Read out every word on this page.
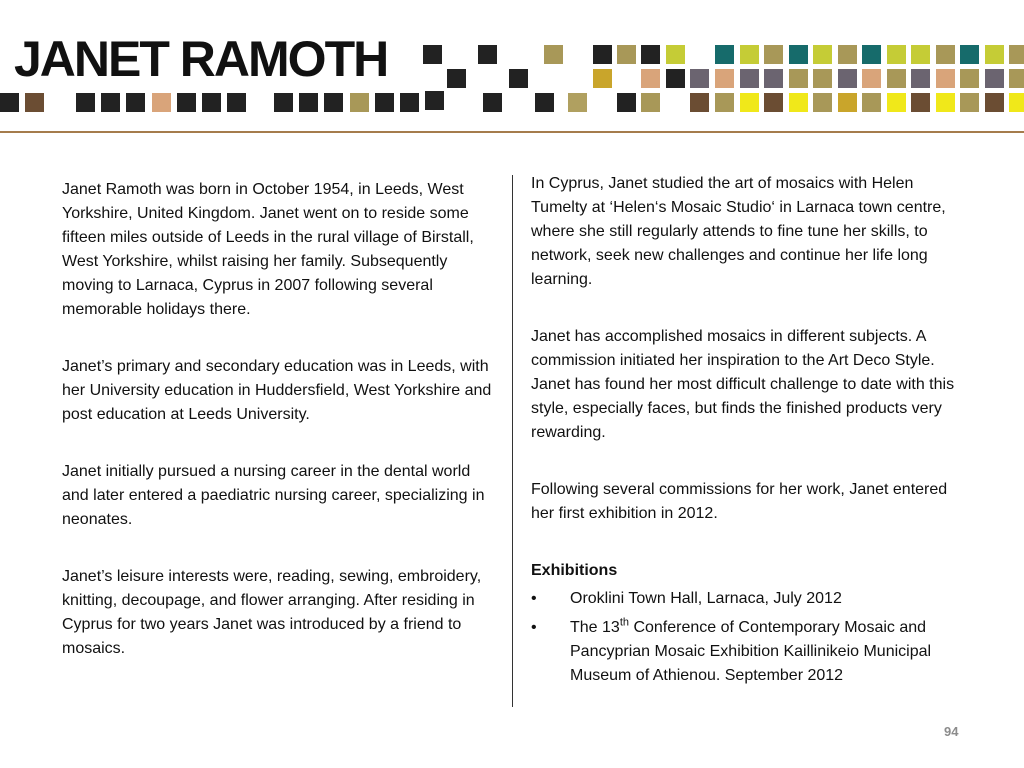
JANET RAMOTH

Janet Ramoth was born in October 1954, in Leeds, West Yorkshire, United Kingdom. Janet went on to reside some fifteen miles outside of Leeds in the rural village of Birstall, West Yorkshire, whilst raising her family. Subsequently moving to Larnaca, Cyprus in 2007 following several memorable holidays there.

Janet’s primary and secondary education was in Leeds, with her University education in Huddersfield, West Yorkshire and post education at Leeds University.

Janet initially pursued a nursing career in the dental world and later entered a paediatric nursing career, specializing in neonates.

Janet’s leisure interests were, reading, sewing, embroidery, knitting, decoupage, and flower arranging. After residing in Cyprus for two years Janet was introduced by a friend to mosaics.

In Cyprus, Janet studied the art of mosaics with Helen Tumelty at ‘Helen‘s Mosaic Studio‘ in Larnaca town centre, where she still regularly attends to fine tune her skills, to network, seek new challenges and continue her life long learning.

Janet has accomplished mosaics in different subjects. A commission initiated her inspiration to the Art Deco Style. Janet has found her most difficult challenge to date with this style, especially faces, but finds the finished products very rewarding.

Following several commissions for her work, Janet entered her first exhibition in 2012.

Exhibitions

• Oroklini Town Hall, Larnaca, July 2012
• The 13th Conference of Contemporary Mosaic and Pancyprian Mosaic Exhibition Kaillinikeio Municipal Museum of Athienou. September 2012
94
